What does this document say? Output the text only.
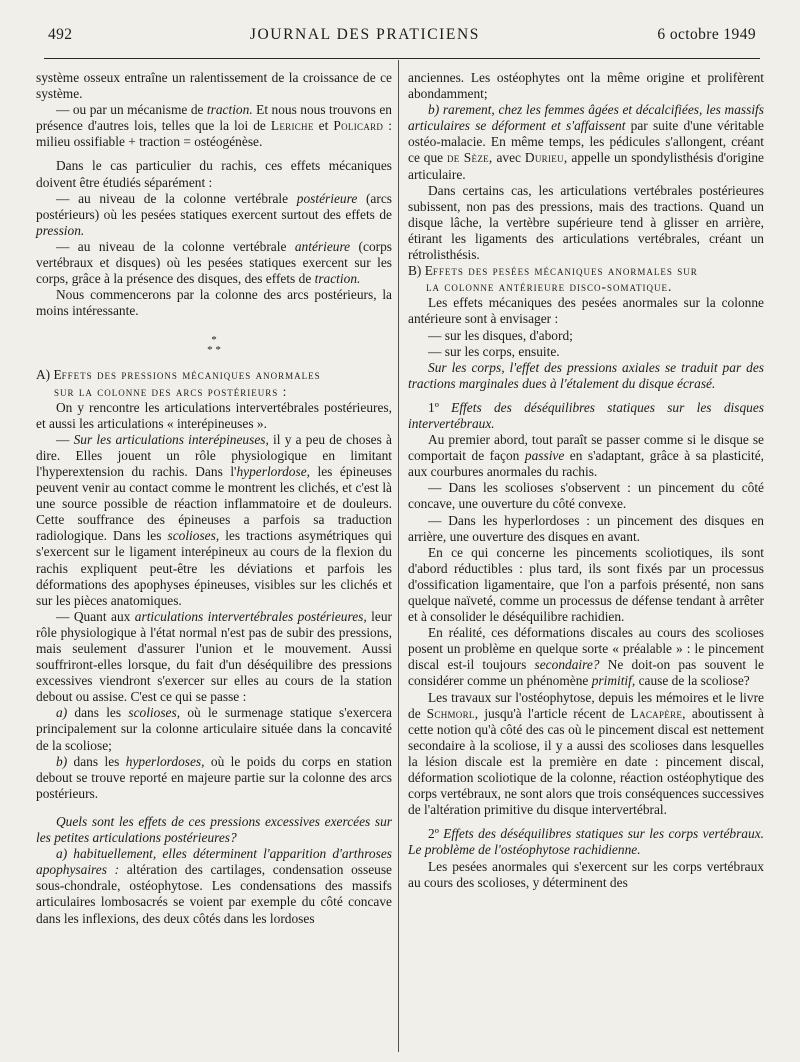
492	JOURNAL DES PRATICIENS	6 octobre 1949

système osseux entraîne un ralentissement de la croissance de ce système.

— ou par un mécanisme de traction. Et nous nous trouvons en présence d'autres lois, telles que la loi de Leriche et Policard : milieu ossifiable + traction = ostéogénèse.

Dans le cas particulier du rachis, ces effets mécaniques doivent être étudiés séparément :

— au niveau de la colonne vertébrale postérieure (arcs postérieurs) où les pesées statiques exercent surtout des effets de pression.

— au niveau de la colonne vertébrale antérieure (corps vertébraux et disques) où les pesées statiques exercent sur les corps, grâce à la présence des disques, des effets de traction.

Nous commencerons par la colonne des arcs postérieurs, la moins intéressante.

*
* *

A) Effets des pressions mécaniques anormales
sur la colonne des arcs postérieurs :

On y rencontre les articulations intervertébrales postérieures, et aussi les articulations « interépineuses ».

— Sur les articulations interépineuses, il y a peu de choses à dire. Elles jouent un rôle physiologique en limitant l'hyperextension du rachis. Dans l'hyperlordose, les épineuses peuvent venir au contact comme le montrent les clichés, et c'est là une source possible de réaction inflammatoire et de douleurs. Cette souffrance des épineuses a parfois sa traduction radiologique. Dans les scolioses, les tractions asymétriques qui s'exercent sur le ligament interépineux au cours de la flexion du rachis expliquent peut-être les déviations et parfois les déformations des apophyses épineuses, visibles sur les clichés et sur les pièces anatomiques.

— Quant aux articulations intervertébrales postérieures, leur rôle physiologique à l'état normal n'est pas de subir des pressions, mais seulement d'assurer l'union et le mouvement. Aussi souffriront-elles lorsque, du fait d'un déséquilibre des pressions excessives viendront s'exercer sur elles au cours de la station debout ou assise. C'est ce qui se passe :

a) dans les scolioses, où le surmenage statique s'exercera principalement sur la colonne articulaire située dans la concavité de la scoliose;

b) dans les hyperlordoses, où le poids du corps en station debout se trouve reporté en majeure partie sur la colonne des arcs postérieurs.

Quels sont les effets de ces pressions excessives exercées sur les petites articulations postérieures?

a) habituellement, elles déterminent l'apparition d'arthroses apophysaires : altération des cartilages, condensation osseuse sous-chondrale, ostéophytose. Les condensations des massifs articulaires lombosacrés se voient par exemple du côté concave dans les inflexions, des deux côtés dans les lordoses

anciennes. Les ostéophytes ont la même origine et prolifèrent abondamment;

b) rarement, chez les femmes âgées et décalcifiées, les massifs articulaires se déforment et s'affaissent par suite d'une véritable ostéo-malacie. En même temps, les pédicules s'allongent, créant ce que de Sèze, avec Durieu, appelle un spondylisthésis d'origine articulaire.

Dans certains cas, les articulations vertébrales postérieures subissent, non pas des pressions, mais des tractions. Quand un disque lâche, la vertèbre supérieure tend à glisser en arrière, étirant les ligaments des articulations vertébrales, créant un rétrolisthésis.

B) Effets des pesées mécaniques anormales sur
la colonne antérieure disco-somatique.

Les effets mécaniques des pesées anormales sur la colonne antérieure sont à envisager :

— sur les disques, d'abord;

— sur les corps, ensuite.

Sur les corps, l'effet des pressions axiales se traduit par des tractions marginales dues à l'étalement du disque écrasé.

1º Effets des déséquilibres statiques sur les disques intervertébraux.

Au premier abord, tout paraît se passer comme si le disque se comportait de façon passive en s'adaptant, grâce à sa plasticité, aux courbures anormales du rachis.

— Dans les scolioses s'observent : un pincement du côté concave, une ouverture du côté convexe.

— Dans les hyperlordoses : un pincement des disques en arrière, une ouverture des disques en avant.

En ce qui concerne les pincements scoliotiques, ils sont d'abord réductibles : plus tard, ils sont fixés par un processus d'ossification ligamentaire, que l'on a parfois présenté, non sans quelque naïveté, comme un processus de défense tendant à arrêter et à consolider le déséquilibre rachidien.

En réalité, ces déformations discales au cours des scolioses posent un problème en quelque sorte « préalable » : le pincement discal est-il toujours secondaire? Ne doit-on pas souvent le considérer comme un phénomène primitif, cause de la scoliose?

Les travaux sur l'ostéophytose, depuis les mémoires et le livre de Schmorl, jusqu'à l'article récent de Lacapère, aboutissent à cette notion qu'à côté des cas où le pincement discal est nettement secondaire à la scoliose, il y a aussi des scolioses dans lesquelles la lésion discale est la première en date : pincement discal, déformation scoliotique de la colonne, réaction ostéophytique des corps vertébraux, ne sont alors que trois conséquences successives de l'altération primitive du disque intervertébral.

2º Effets des déséquilibres statiques sur les corps vertébraux. Le problème de l'ostéophytose rachidienne.

Les pesées anormales qui s'exercent sur les corps vertébraux au cours des scolioses, y déterminent des
